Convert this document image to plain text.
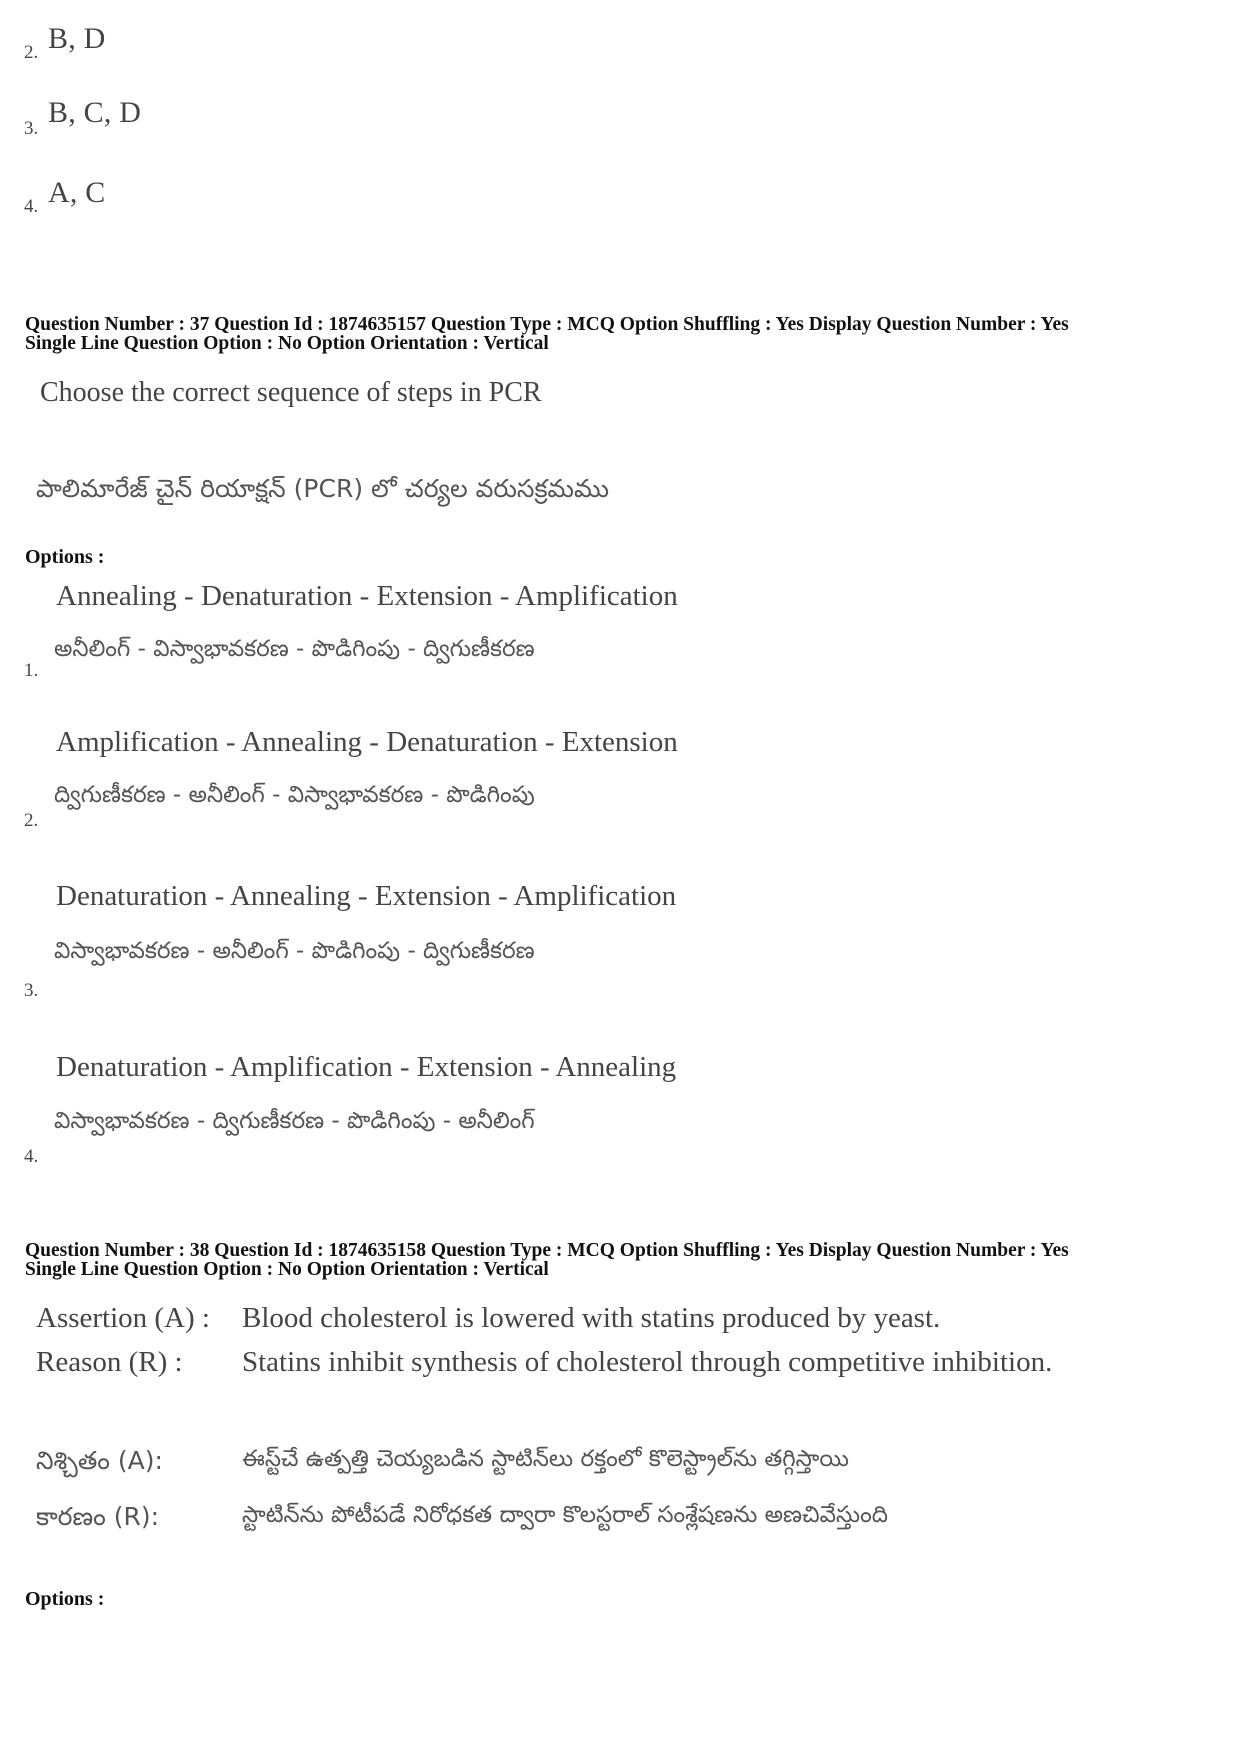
2. B, D
3. B, C, D
4. A, C
Question Number : 37 Question Id : 1874635157 Question Type : MCQ Option Shuffling : Yes Display Question Number : Yes
Single Line Question Option : No Option Orientation : Vertical
Choose the correct sequence of steps in PCR
పాలిమారేజ్ చైన్ రియాక్షన్ (PCR) లో చర్యల వరుసక్రమము
Options :
Annealing - Denaturation - Extension - Amplification
అనీలింగ్ - విస్వాభావకరణ - పొడిగింపు - ద్విగుణీకరణ
1.
Amplification - Annealing - Denaturation - Extension
ద్విగుణీకరణ - అనీలింగ్ - విస్వాభావకరణ - పొడిగింపు
2.
Denaturation - Annealing - Extension - Amplification
విస్వాభావకరణ - అనీలింగ్ - పొడిగింపు - ద్విగుణీకరణ
3.
Denaturation - Amplification - Extension - Annealing
విస్వాభావకరణ - ద్విగుణీకరణ - పొడిగింపు - అనీలింగ్
4.
Question Number : 38 Question Id : 1874635158 Question Type : MCQ Option Shuffling : Yes Display Question Number : Yes
Single Line Question Option : No Option Orientation : Vertical
Assertion (A) : Blood cholesterol is lowered with statins produced by yeast.
Reason (R) : Statins inhibit synthesis of cholesterol through competitive inhibition.
నిశ్చితం (A):	ఈస్ట్‌చే ఉత్పత్తి చెయ్యబడిన స్టాటిన్‌లు రక్తంలో కొలెస్ట్రాల్‌ను తగ్గిస్తాయి
కారణం (R):	స్టాటిన్‌ను పోటీపడే నిరోధకత ద్వారా కొలస్టరాల్ సంశ్లేషణను అణచివేస్తుంది
Options :
